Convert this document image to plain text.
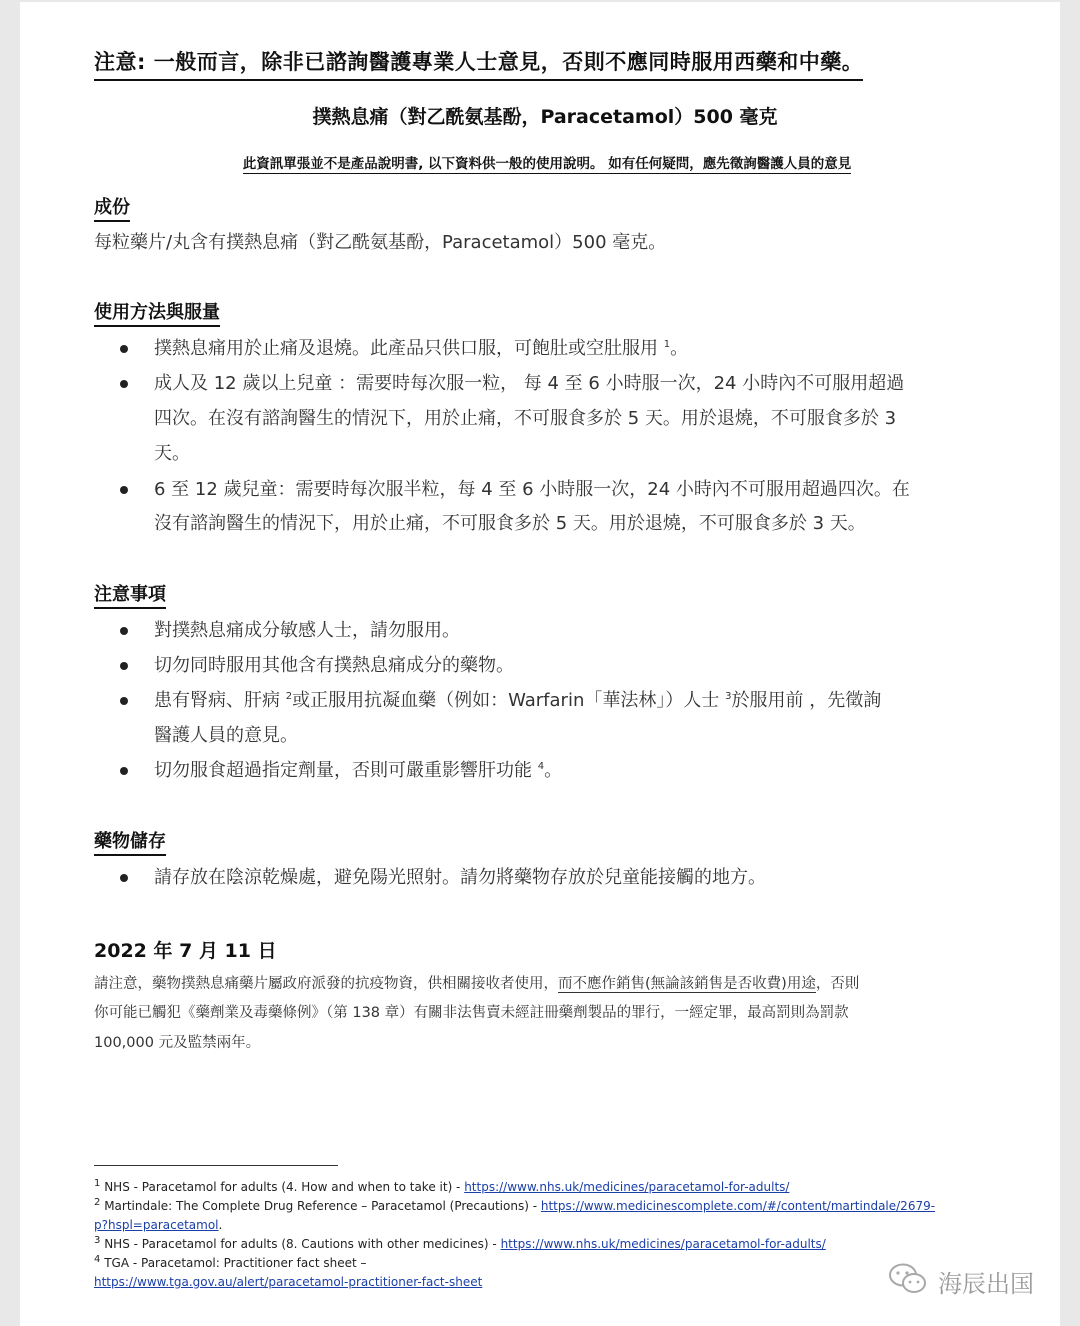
注意: 一般而言，除非已諮詢醫護專業人士意見，否則不應同時服用西藥和中藥。
撲熱息痛（對乙酰氨基酚，Paracetamol）500 毫克
此資訊單張並不是產品說明書, 以下資料供一般的使用說明。 如有任何疑問，應先徵詢醫護人員的意見
成份
每粒藥片/丸含有撲熱息痛（對乙酰氨基酚，Paracetamol）500 毫克。
使用方法與服量
撲熱息痛用於止痛及退燒。此產品只供口服，可飽肚或空肚服用 $^1$。
成人及 12 歲以上兒童 ：需要時每次服一粒， 每 4 至 6 小時服一次，24 小時內不可服用超過
四次。在沒有諮詢醫生的情況下，用於止痛，不可服食多於 5 天。用於退燒，不可服食多於 3
天。
6 至 12 歲兒童：需要時每次服半粒，每 4 至 6 小時服一次，24 小時內不可服用超過四次。在
沒有諮詢醫生的情況下，用於止痛，不可服食多於 5 天。用於退燒，不可服食多於 3 天。
注意事項
對撲熱息痛成分敏感人士，請勿服用。
切勿同時服用其他含有撲熱息痛成分的藥物。
患有腎病、肝病 $^2$或正服用抗凝血藥（例如：Warfarin「華法林」）人士 $^3$於服用前 ，先徵詢
醫護人員的意見。
切勿服食超過指定劑量，否則可嚴重影響肝功能 $^4$。
藥物儲存
請存放在陰涼乾燥處，避免陽光照射。請勿將藥物存放於兒童能接觸的地方。
2022 年 7 月 11 日
請注意，藥物撲熱息痛藥片屬政府派發的抗疫物資，供相關接收者使用，而不應作銷售(無論該銷售是否收費)用途，否則
你可能已觸犯《藥劑業及毒藥條例》（第 138 章）有關非法售賣未經註冊藥劑製品的罪行，一經定罪，最高罰則為罰款
100,000 元及監禁兩年。
$^1$ NHS - Paracetamol for adults (4. How and when to take it) - https://www.nhs.uk/medicines/paracetamol-for-adults/
$^2$ Martindale: The Complete Drug Reference – Paracetamol (Precautions) - https://www.medicinescomplete.com/#/content/martindale/2679-
p?hspl=paracetamol.
$^3$ NHS - Paracetamol for adults (8. Cautions with other medicines) - https://www.nhs.uk/medicines/paracetamol-for-adults/
$^4$ TGA - Paracetamol: Practitioner fact sheet –
https://www.tga.gov.au/alert/paracetamol-practitioner-fact-sheet	海辰出国
